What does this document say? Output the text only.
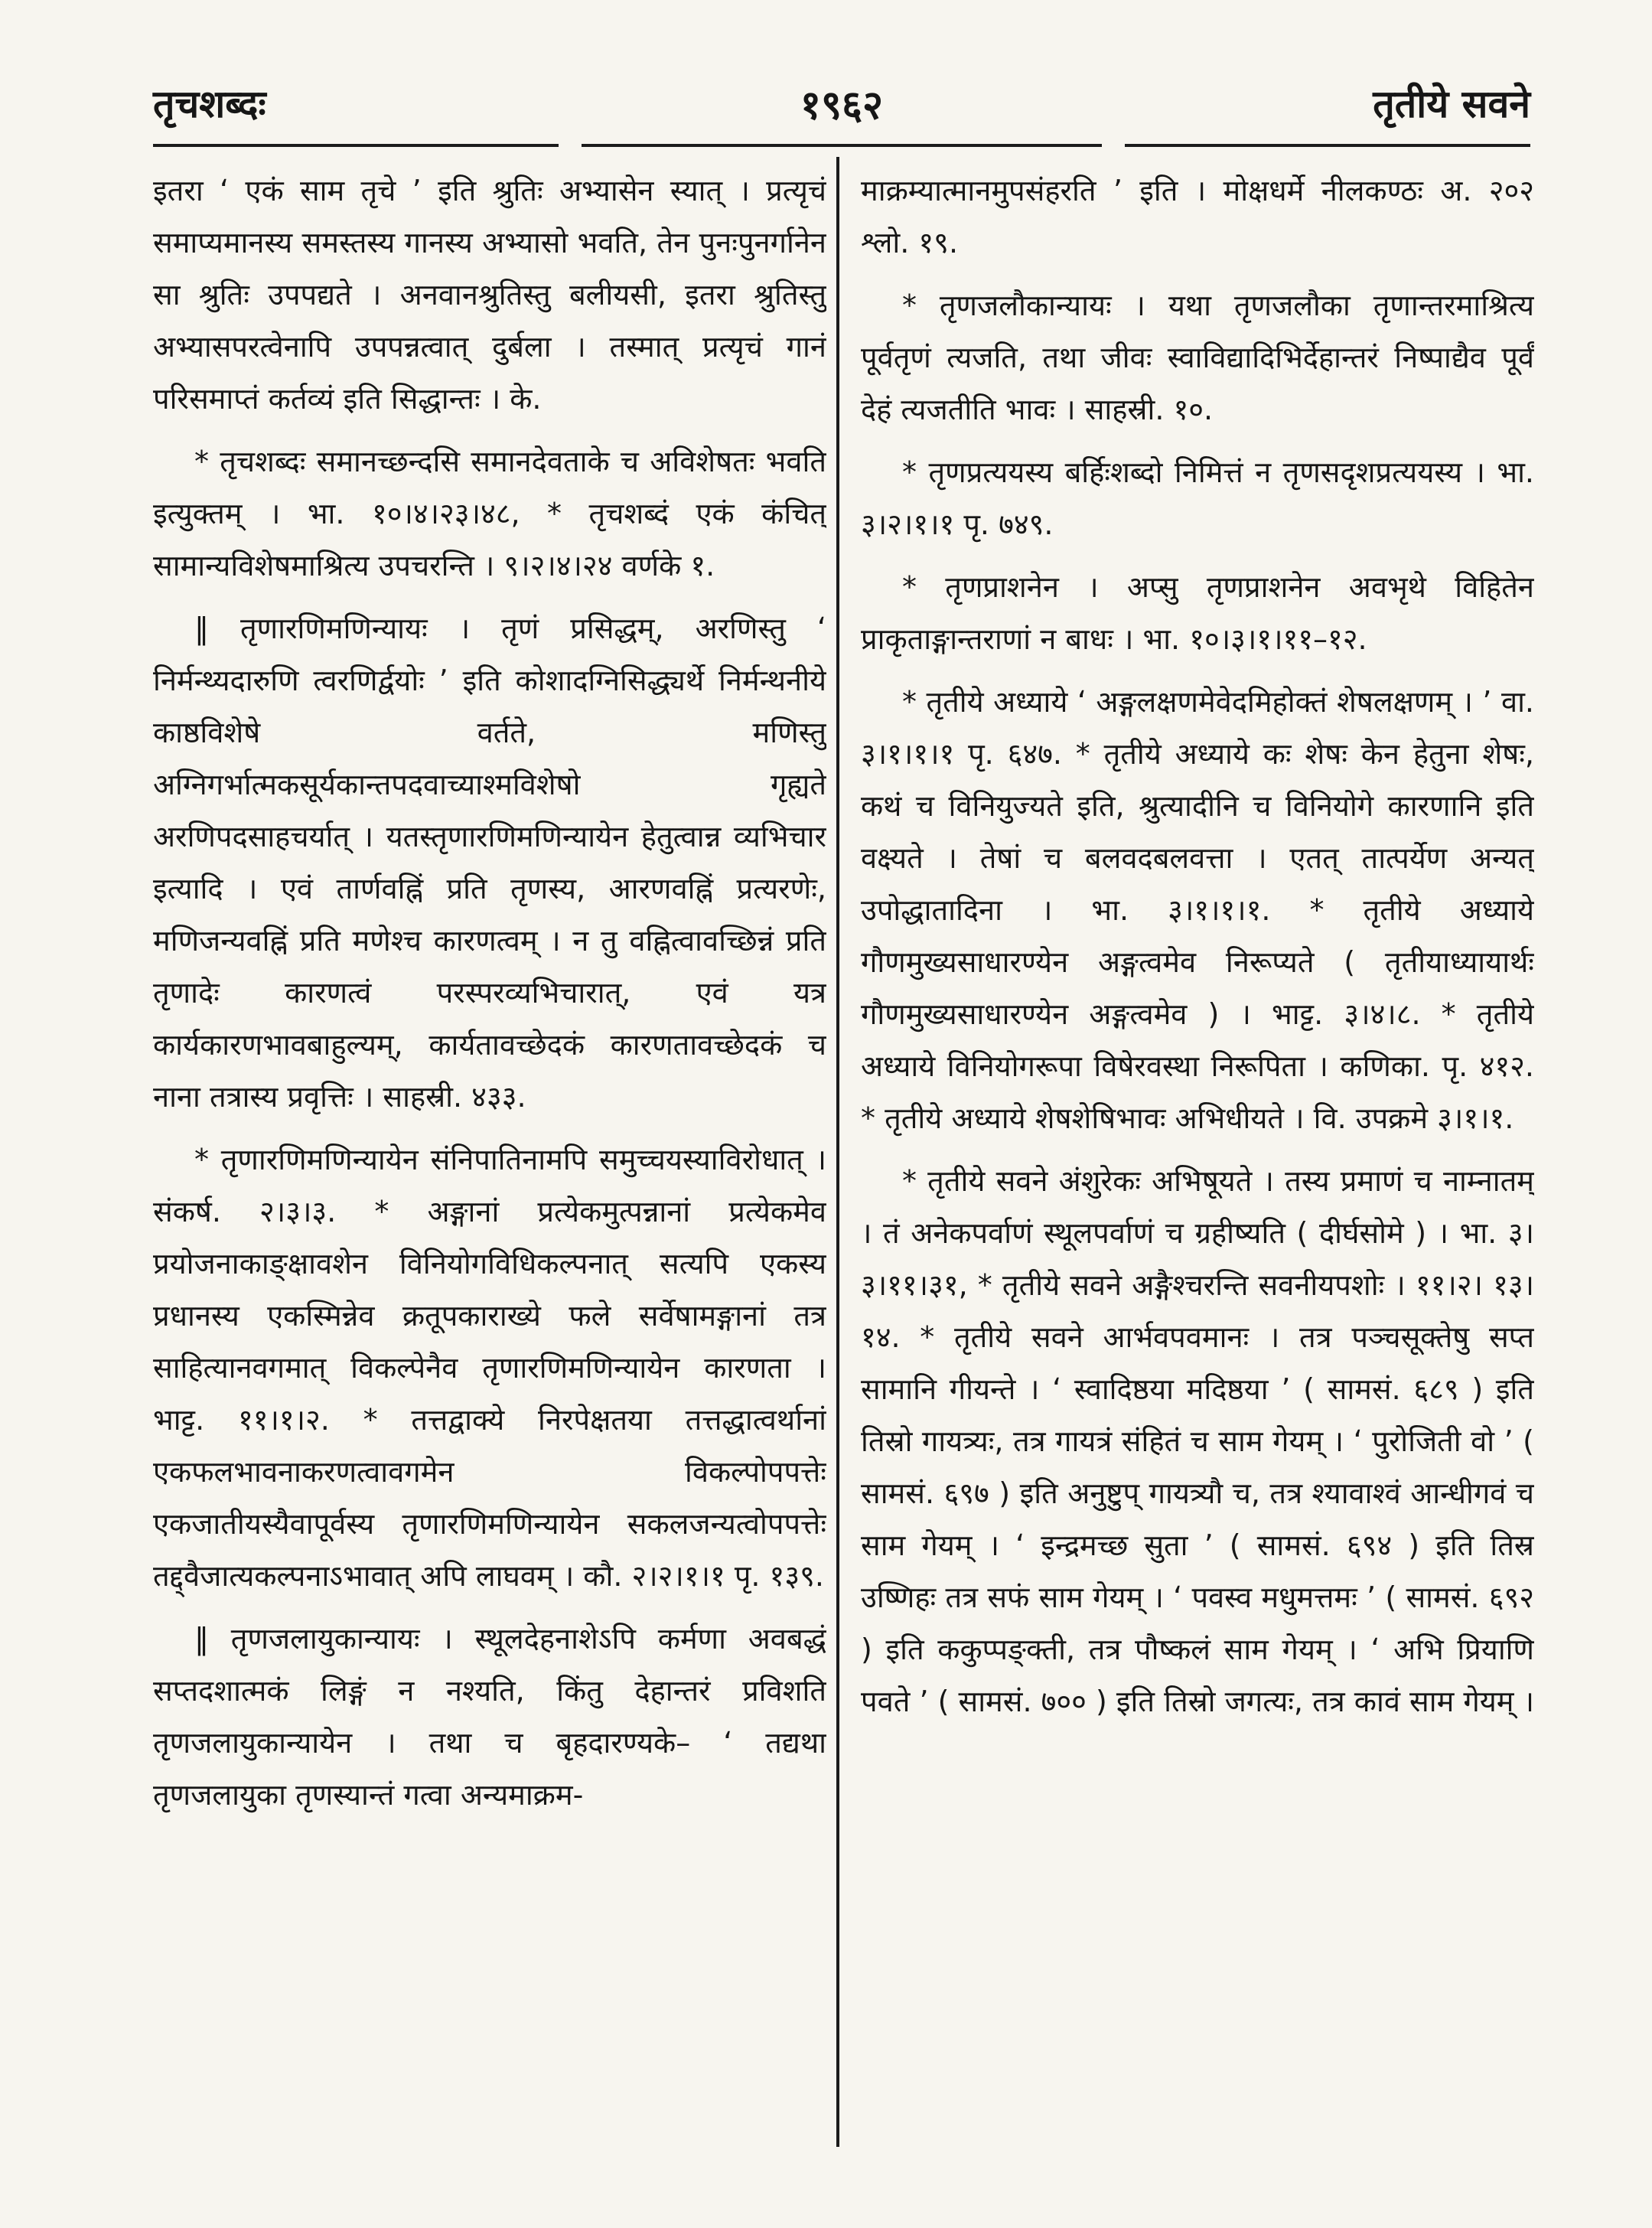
तृचशब्दः	१९६२	तृतीये सवने

इतरा ‘ एकं साम तृचे ’ इति श्रुतिः अभ्यासेन स्यात् । प्रत्यृचं समाप्यमानस्य समस्तस्य गानस्य अभ्यासो भवति, तेन पुनःपुनर्गानेन सा श्रुतिः उपपद्यते । अनवानश्रुतिस्तु बलीयसी, इतरा श्रुतिस्तु अभ्यासपरत्वेनापि उपपन्नत्वात् दुर्बला । तस्मात् प्रत्यृचं गानं परिसमाप्तं कर्तव्यं इति सिद्धान्तः । के.

* तृचशब्दः समानच्छन्दसि समानदेवताके च अविशेषतः भवति इत्युक्तम् । भा. १०।४।२३।४८, * तृचशब्दं एकं कंचित् सामान्यविशेषमाश्रित्य उपचरन्ति । ९।२।४।२४ वर्णके १.

‖ तृणारणिमणिन्यायः । तृणं प्रसिद्धम्, अरणिस्तु ‘ निर्मन्थ्यदारुणि त्वरणिर्द्वयोः ’ इति कोशादग्निसिद्ध्यर्थे निर्मन्थनीये काष्ठविशेषे वर्तते, मणिस्तु अग्निगर्भात्मकसूर्यकान्तपदवाच्याश्मविशेषो गृह्यते अरणिपदसाहचर्यात् । यतस्तृणारणिमणिन्यायेन हेतुत्वान्न व्यभिचार इत्यादि । एवं तार्णवह्निं प्रति तृणस्य, आरणवह्निं प्रत्यरणेः, मणिजन्यवह्निं प्रति मणेश्च कारणत्वम् । न तु वह्नित्वावच्छिन्नं प्रति तृणादेः कारणत्वं परस्परव्यभिचारात्, एवं यत्र कार्यकारणभावबाहुल्यम्, कार्यतावच्छेदकं कारणतावच्छेदकं च नाना तत्रास्य प्रवृत्तिः । साहस्री. ४३३.

* तृणारणिमणिन्यायेन संनिपातिनामपि समुच्चयस्याविरोधात् । संकर्ष. २।३।३. * अङ्गानां प्रत्येकमुत्पन्नानां प्रत्येकमेव प्रयोजनाकाङ्क्षावशेन विनियोगविधिकल्पनात् सत्यपि एकस्य प्रधानस्य एकस्मिन्नेव क्रतूपकाराख्ये फले सर्वेषामङ्गानां तत्र साहित्यानवगमात् विकल्पेनैव तृणारणिमणिन्यायेन कारणता । भाट्ट. ११।१।२. * तत्तद्वाक्ये निरपेक्षतया तत्तद्धात्वर्थानां एकफलभावनाकरणत्वावगमेन विकल्पोपपत्तेः एकजातीयस्यैवापूर्वस्य तृणारणिमणिन्यायेन सकलजन्यत्वोपपत्तेः तद्द्वैजात्यकल्पनाऽभावात् अपि लाघवम् । कौ. २।२।१।१ पृ. १३९.

‖ तृणजलायुकान्यायः । स्थूलदेहनाशेऽपि कर्मणा अवबद्धं सप्तदशात्मकं लिङ्गं न नश्यति, किंतु देहान्तरं प्रविशति तृणजलायुकान्यायेन । तथा च बृहदारण्यके– ‘ तद्यथा तृणजलायुका तृणस्यान्तं गत्वा अन्यमाक्रम-

माक्रम्यात्मानमुपसंहरति ’ इति । मोक्षधर्मे नीलकण्ठः अ. २०२ श्लो. १९.

* तृणजलौकान्यायः । यथा तृणजलौका तृणान्तरमाश्रित्य पूर्वतृणं त्यजति, तथा जीवः स्वाविद्यादिभिर्देहान्तरं निष्पाद्यैव पूर्वं देहं त्यजतीति भावः । साहस्री. १०.

* तृणप्रत्ययस्य बर्हिःशब्दो निमित्तं न तृणसदृशप्रत्ययस्य । भा. ३।२।१।१ पृ. ७४९.

* तृणप्राशनेन । अप्सु तृणप्राशनेन अवभृथे विहितेन प्राकृताङ्गान्तराणां न बाधः । भा. १०।३।१।११–१२.

* तृतीये अध्याये ‘ अङ्गलक्षणमेवेदमिहोक्तं शेषलक्षणम् । ’ वा. ३।१।१।१ पृ. ६४७. * तृतीये अध्याये कः शेषः केन हेतुना शेषः, कथं च विनियुज्यते इति, श्रुत्यादीनि च विनियोगे कारणानि इति वक्ष्यते । तेषां च बलवदबलवत्ता । एतत् तात्पर्येण अन्यत् उपोद्धातादिना । भा. ३।१।१।१. * तृतीये अध्याये गौणमुख्यसाधारण्येन अङ्गत्वमेव निरूप्यते ( तृतीयाध्यायार्थः गौणमुख्यसाधारण्येन अङ्गत्वमेव ) । भाट्ट. ३।४।८. * तृतीये अध्याये विनियोगरूपा विषेरवस्था निरूपिता । कणिका. पृ. ४१२. * तृतीये अध्याये शेषशेषिभावः अभिधीयते । वि. उपक्रमे ३।१।१.

* तृतीये सवने अंशुरेकः अभिषूयते । तस्य प्रमाणं च नाम्नातम् । तं अनेकपर्वाणं स्थूलपर्वाणं च ग्रहीष्यति ( दीर्घसोमे ) । भा. ३।३।११।३१, * तृतीये सवने अङ्गैश्चरन्ति सवनीयपशोः । ११।२। १३।१४. * तृतीये सवने आर्भवपवमानः । तत्र पञ्चसूक्तेषु सप्त सामानि गीयन्ते । ‘ स्वादिष्ठया मदिष्ठया ’ ( सामसं. ६८९ ) इति तिस्रो गायत्र्यः, तत्र गायत्रं संहितं च साम गेयम् । ‘ पुरोजिती वो ’ ( सामसं. ६९७ ) इति अनुष्टुप् गायत्र्यौ च, तत्र श्यावाश्वं आन्धीगवं च साम गेयम् । ‘ इन्द्रमच्छ सुता ’ ( सामसं. ६९४ ) इति तिस्र उष्णिहः तत्र सफं साम गेयम् । ‘ पवस्व मधुमत्तमः ’ ( सामसं. ६९२ ) इति ककुप्पङ्क्ती, तत्र पौष्कलं साम गेयम् । ‘ अभि प्रियाणि पवते ’ ( सामसं. ७०० ) इति तिस्रो जगत्यः, तत्र कावं साम गेयम् ।
